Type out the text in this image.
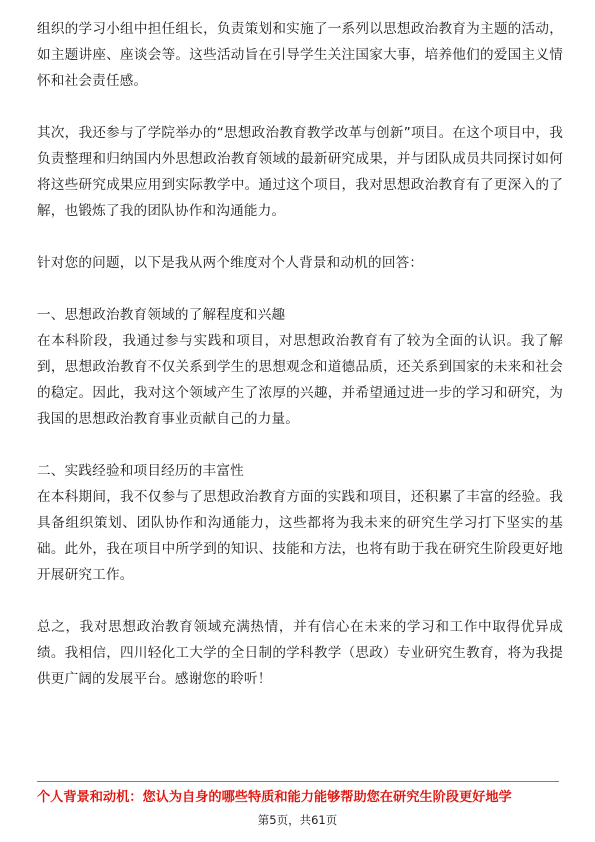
组织的学习小组中担任组长，负责策划和实施了一系列以思想政治教育为主题的活动，如主题讲座、座谈会等。这些活动旨在引导学生关注国家大事，培养他们的爱国主义情怀和社会责任感。

其次，我还参与了学院举办的“思想政治教育教学改革与创新”项目。在这个项目中，我负责整理和归纳国内外思想政治教育领域的最新研究成果，并与团队成员共同探讨如何将这些研究成果应用到实际教学中。通过这个项目，我对思想政治教育有了更深入的了解，也锻炼了我的团队协作和沟通能力。

针对您的问题，以下是我从两个维度对个人背景和动机的回答：

一、思想政治教育领域的了解程度和兴趣

在本科阶段，我通过参与实践和项目，对思想政治教育有了较为全面的认识。我了解到，思想政治教育不仅关系到学生的思想观念和道德品质，还关系到国家的未来和社会的稳定。因此，我对这个领域产生了浓厚的兴趣，并希望通过进一步的学习和研究，为我国的思想政治教育事业贡献自己的力量。

二、实践经验和项目经历的丰富性

在本科期间，我不仅参与了思想政治教育方面的实践和项目，还积累了丰富的经验。我具备组织策划、团队协作和沟通能力，这些都将为我未来的研究生学习打下坚实的基础。此外，我在项目中所学到的知识、技能和方法，也将有助于我在研究生阶段更好地开展研究工作。

总之，我对思想政治教育领域充满热情，并有信心在未来的学习和工作中取得优异成绩。我相信，四川轻化工大学的全日制的学科教学（思政）专业研究生教育，将为我提供更广阔的发展平台。感谢您的聆听！

个人背景和动机：您认为自身的哪些特质和能力能够帮助您在研究生阶段更好地学
第5页，共61页
